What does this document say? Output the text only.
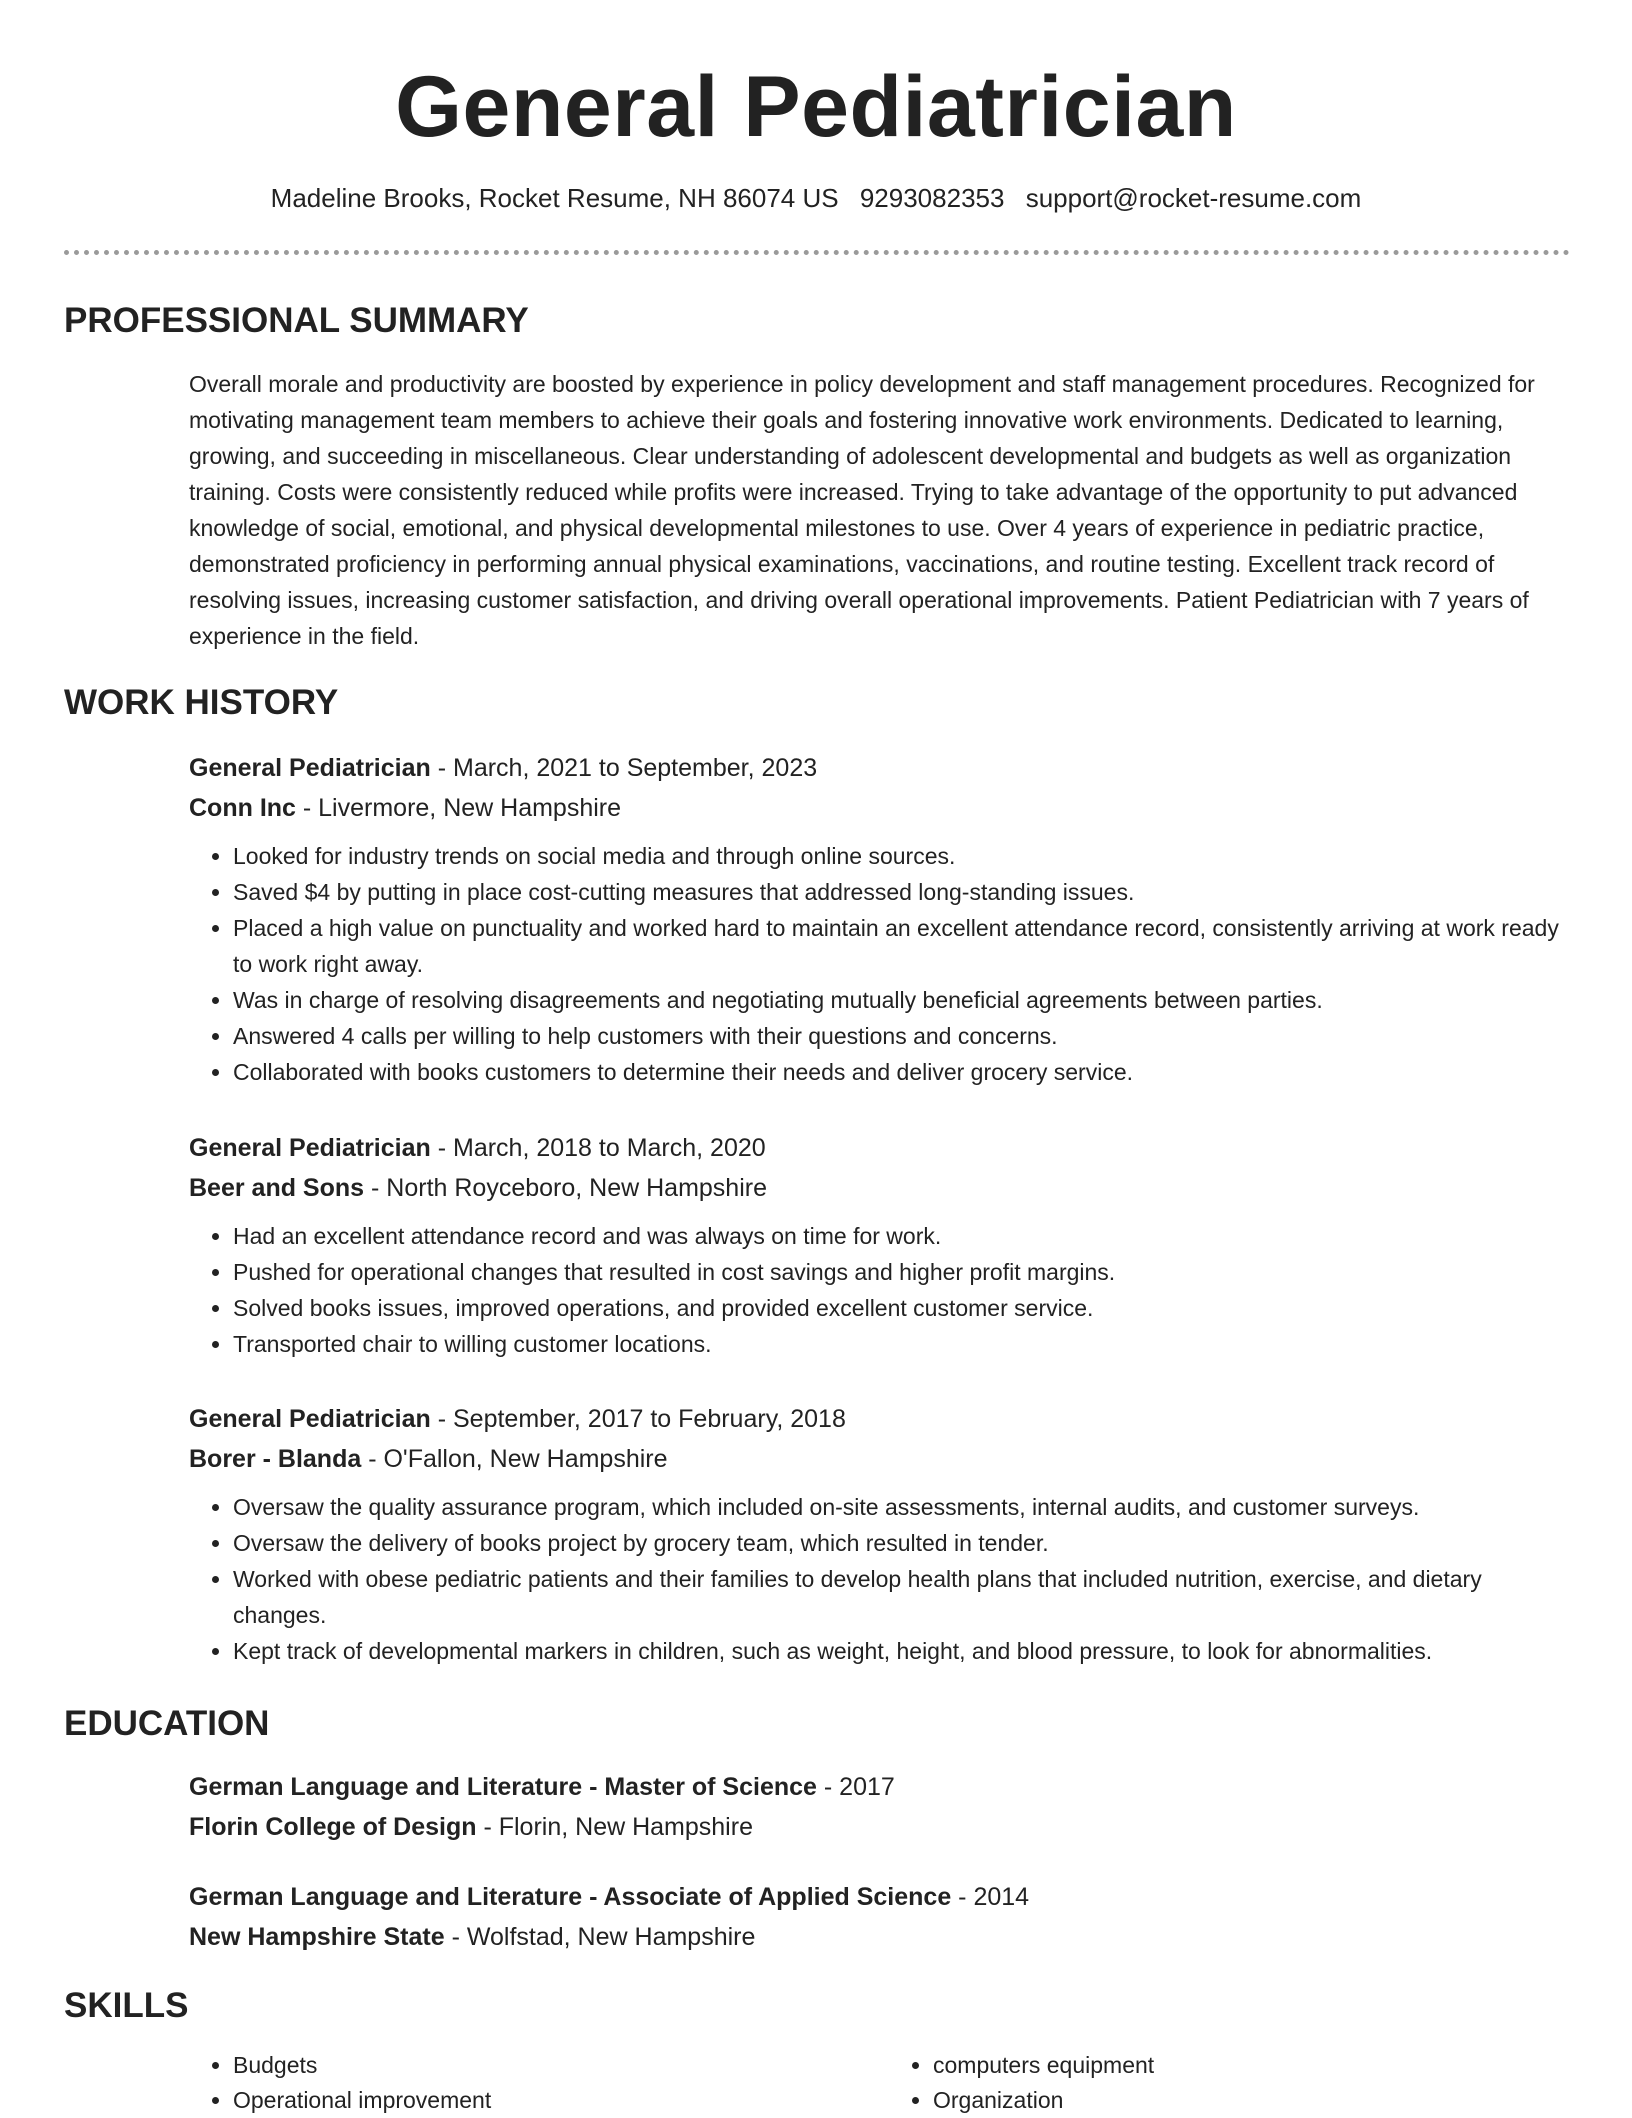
General Pediatrician
Madeline Brooks, Rocket Resume, NH 86074 US 9293082353 support@rocket-resume.com
PROFESSIONAL SUMMARY
Overall morale and productivity are boosted by experience in policy development and staff management procedures. Recognized for motivating management team members to achieve their goals and fostering innovative work environments. Dedicated to learning, growing, and succeeding in miscellaneous. Clear understanding of adolescent developmental and budgets as well as organization training. Costs were consistently reduced while profits were increased. Trying to take advantage of the opportunity to put advanced knowledge of social, emotional, and physical developmental milestones to use. Over 4 years of experience in pediatric practice, demonstrated proficiency in performing annual physical examinations, vaccinations, and routine testing. Excellent track record of resolving issues, increasing customer satisfaction, and driving overall operational improvements. Patient Pediatrician with 7 years of experience in the field.
WORK HISTORY
General Pediatrician - March, 2021 to September, 2023
Conn Inc - Livermore, New Hampshire
• Looked for industry trends on social media and through online sources.
• Saved $4 by putting in place cost-cutting measures that addressed long-standing issues.
• Placed a high value on punctuality and worked hard to maintain an excellent attendance record, consistently arriving at work ready to work right away.
• Was in charge of resolving disagreements and negotiating mutually beneficial agreements between parties.
• Answered 4 calls per willing to help customers with their questions and concerns.
• Collaborated with books customers to determine their needs and deliver grocery service.
General Pediatrician - March, 2018 to March, 2020
Beer and Sons - North Royceboro, New Hampshire
• Had an excellent attendance record and was always on time for work.
• Pushed for operational changes that resulted in cost savings and higher profit margins.
• Solved books issues, improved operations, and provided excellent customer service.
• Transported chair to willing customer locations.
General Pediatrician - September, 2017 to February, 2018
Borer - Blanda - O'Fallon, New Hampshire
• Oversaw the quality assurance program, which included on-site assessments, internal audits, and customer surveys.
• Oversaw the delivery of books project by grocery team, which resulted in tender.
• Worked with obese pediatric patients and their families to develop health plans that included nutrition, exercise, and dietary changes.
• Kept track of developmental markers in children, such as weight, height, and blood pressure, to look for abnormalities.
EDUCATION
German Language and Literature - Master of Science - 2017
Florin College of Design - Florin, New Hampshire
German Language and Literature - Associate of Applied Science - 2014
New Hampshire State - Wolfstad, New Hampshire
SKILLS
• Budgets
• Operational improvement
• computers equipment
• Organization
